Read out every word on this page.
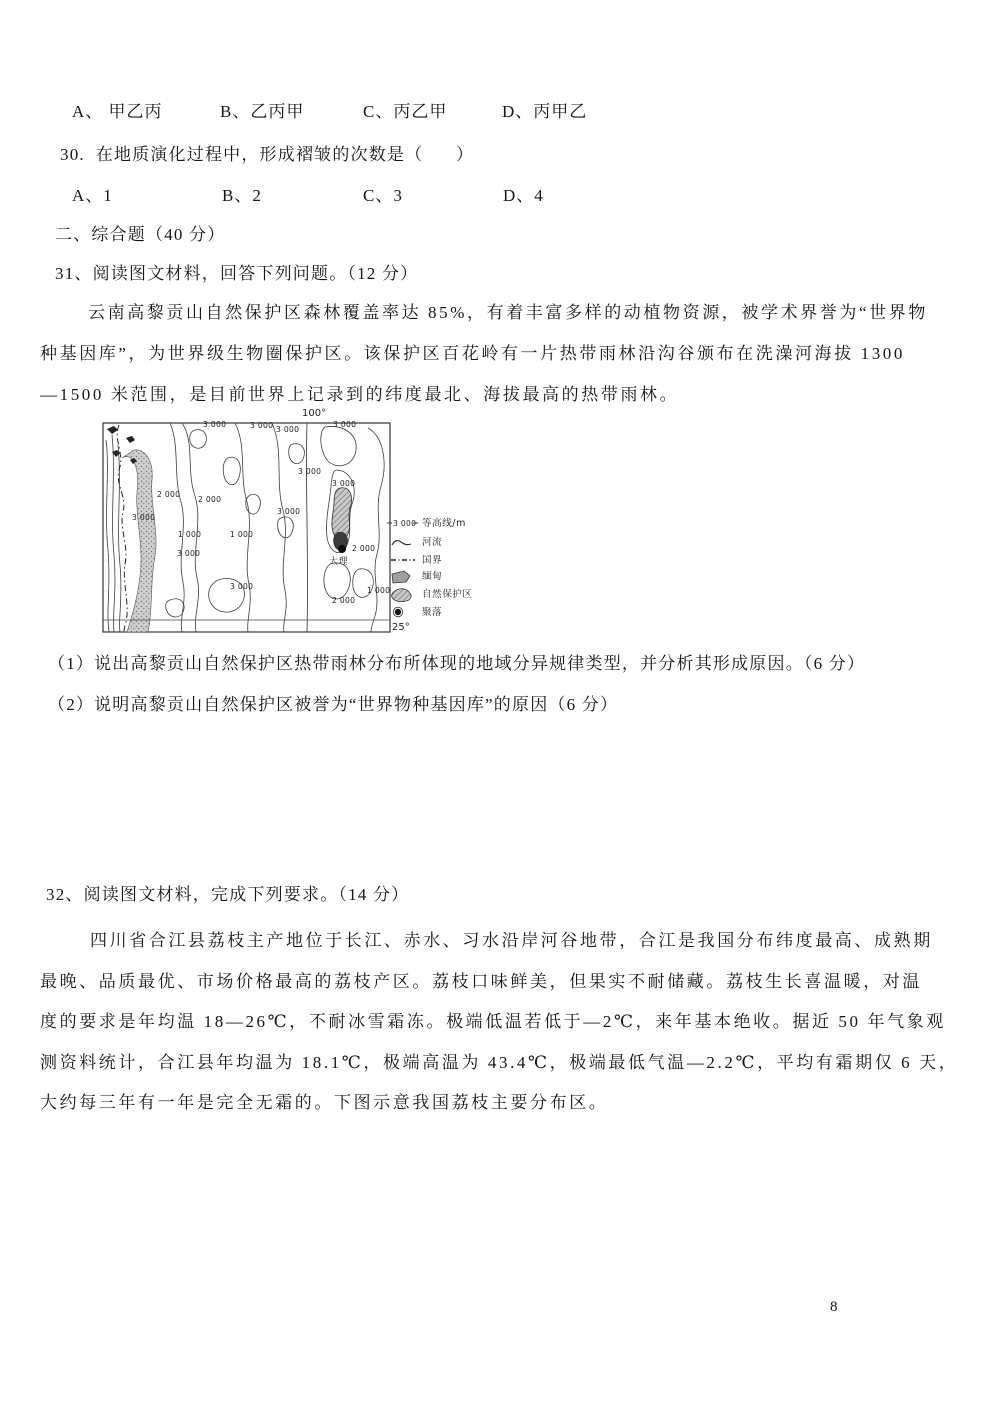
A、 甲乙丙	B、乙丙甲	C、丙乙甲	D、丙甲乙
30.  在地质演化过程中，形成褶皱的次数是（      ）
A、1	B、2	C、3	D、4
二、综合题（40 分）
31、阅读图文材料，回答下列问题。（12 分）
云南高黎贡山自然保护区森林覆盖率达 85%，有着丰富多样的动植物资源，被学术界誉为“世界物
种基因库”，为世界级生物圈保护区。该保护区百花岭有一片热带雨林沿沟谷颁布在洗澡河海拔 1300
—1500 米范围，是目前世界上记录到的纬度最北、海拔最高的热带雨林。
100°
25°
大理
3 000	3 000 3 000
3 000
3 000
3 000
2 000
2 000
3 000
3 000
1 000	1 000
3 000
2 000
3 000
2 000
1 000
3 000 等高线/m
河流
国界
缅甸
自然保护区
聚落
（1）说出高黎贡山自然保护区热带雨林分布所体现的地域分异规律类型，并分析其形成原因。（6 分）
（2）说明高黎贡山自然保护区被誉为“世界物种基因库”的原因（6 分）
32、阅读图文材料，完成下列要求。（14 分）
四川省合江县荔枝主产地位于长江、赤水、习水沿岸河谷地带，合江是我国分布纬度最高、成熟期
最晚、品质最优、市场价格最高的荔枝产区。荔枝口味鲜美，但果实不耐储藏。荔枝生长喜温暖，对温
度的要求是年均温 18—26℃，不耐冰雪霜冻。极端低温若低于—2℃，来年基本绝收。据近 50 年气象观
测资料统计，合江县年均温为 18.1℃，极端高温为 43.4℃，极端最低气温—2.2℃，平均有霜期仅 6 天，
大约每三年有一年是完全无霜的。下图示意我国荔枝主要分布区。
8
